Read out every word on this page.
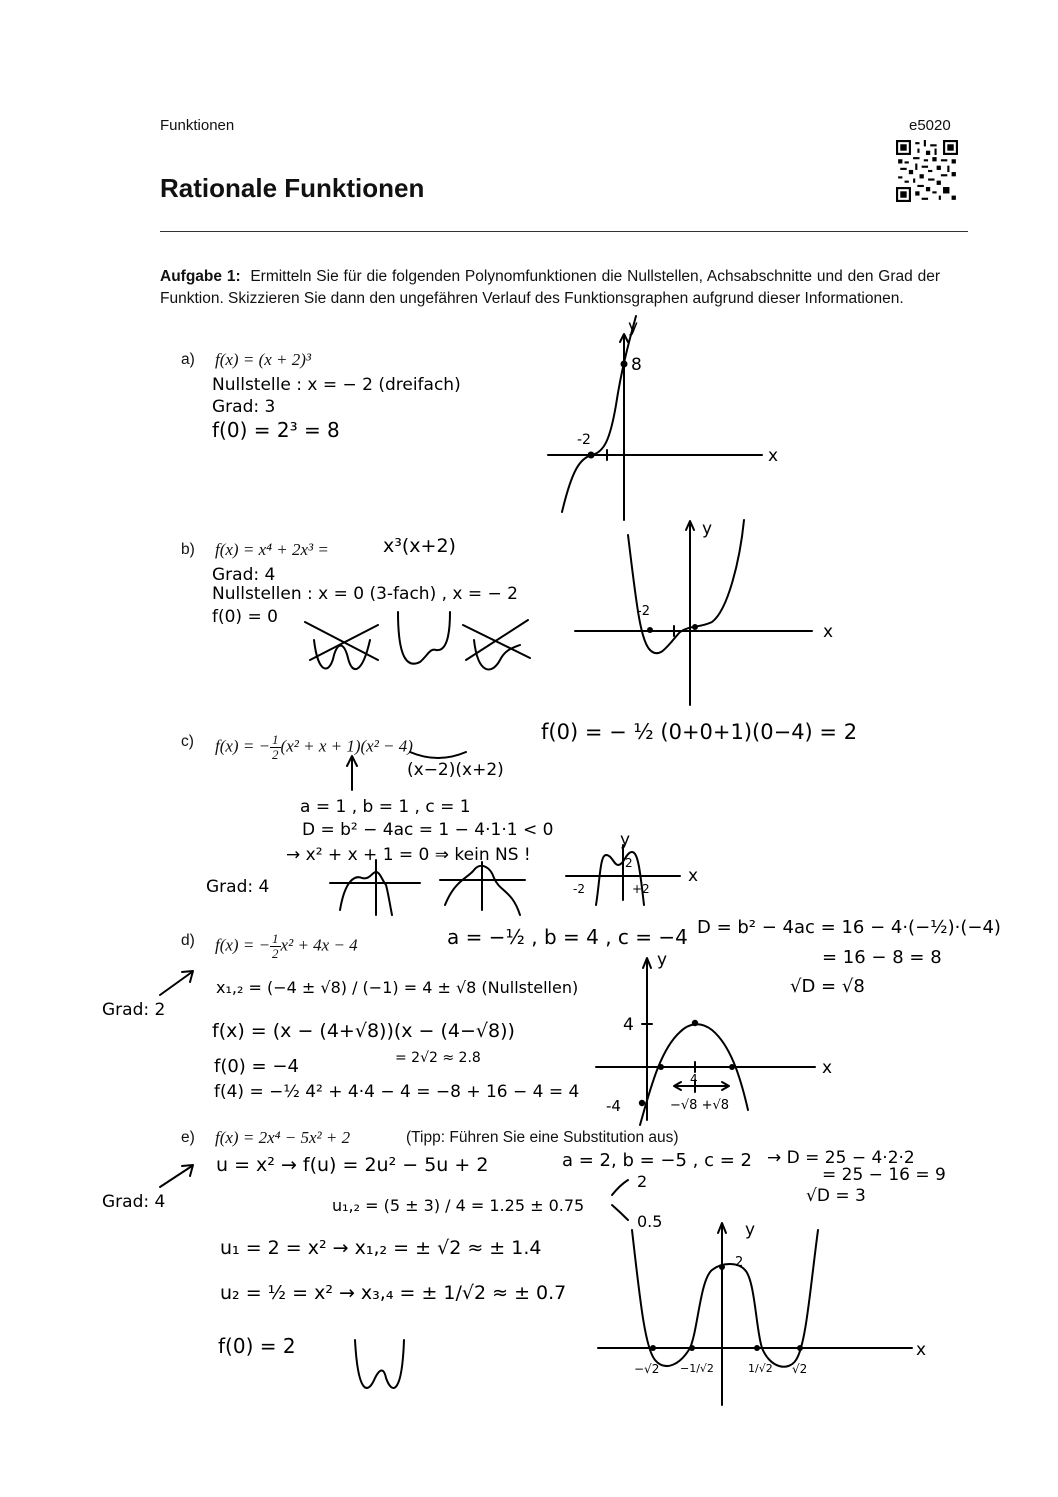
Funktionen	e5020
Rationale Funktionen
Aufgabe 1: Ermitteln Sie für die folgenden Polynomfunktionen die Nullstellen, Achsabschnitte und den Grad der Funktion. Skizzieren Sie dann den ungefähren Verlauf des Funktionsgraphen aufgrund dieser Informationen.
a) f(x) = (x + 2)³
Nullstelle : x = − 2 (dreifach)
Grad: 3
f(0) = 2³ = 8
y
8
-2
x
b) f(x) = x⁴ + 2x³ =	x³(x+2)
Grad: 4
Nullstellen : x = 0 (3-fach) , x = − 2
f(0) = 0
y
-2
x
c) f(x) = − $\frac{1}{2} (x^2 + x + 1)(x^2 - 4)$
f(0) = − ½ (0+0+1)(0−4) = 2
(x−2)(x+2)
a = 1 , b = 1 , c = 1
D = b² − 4ac = 1 − 4·1·1 < 0
→ x² + x + 1 = 0 ⇒ kein NS !
Grad: 4
y
2
-2	+2
x
d) f(x) = − $\frac{1}{2} x^2 + 4x - 4$	a = −½ , b = 4 , c = −4 D = b² − 4ac = 16 − 4·(−½)·(−4)
= 16 − 8 = 8
√D = √8
Grad: 2
x₁,₂ = (−4 ± √8) / (−1) = 4 ± √8 (Nullstellen)
f(x) = (x − (4+√8))(x − (4−√8))
= 2√2 ≈ 2.8
f(0) = −4
f(4) = −½ 4² + 4·4 − 4 = −8 + 16 − 4 = 4
y
4
-4
4
−√8 +√8
x
e) f(x) = 2x⁴ − 5x² + 2	(Tipp: Führen Sie eine Substitution aus)
Grad: 4
u = x² → f(u) = 2u² − 5u + 2	a = 2, b = −5 , c = 2 → D = 25 − 4·2·2
= 25 − 16 = 9
√D = 3
u₁,₂ = (5 ± 3) / 4 = 1.25 ± 0.75
2
0.5
u₁ = 2 = x² → x₁,₂ = ± √2 ≈ ± 1.4
u₂ = ½ = x² → x₃,₄ = ± 1/√2 ≈ ± 0.7
f(0) = 2
y
2
−√2 −1/√2	1/√2 √2
x
